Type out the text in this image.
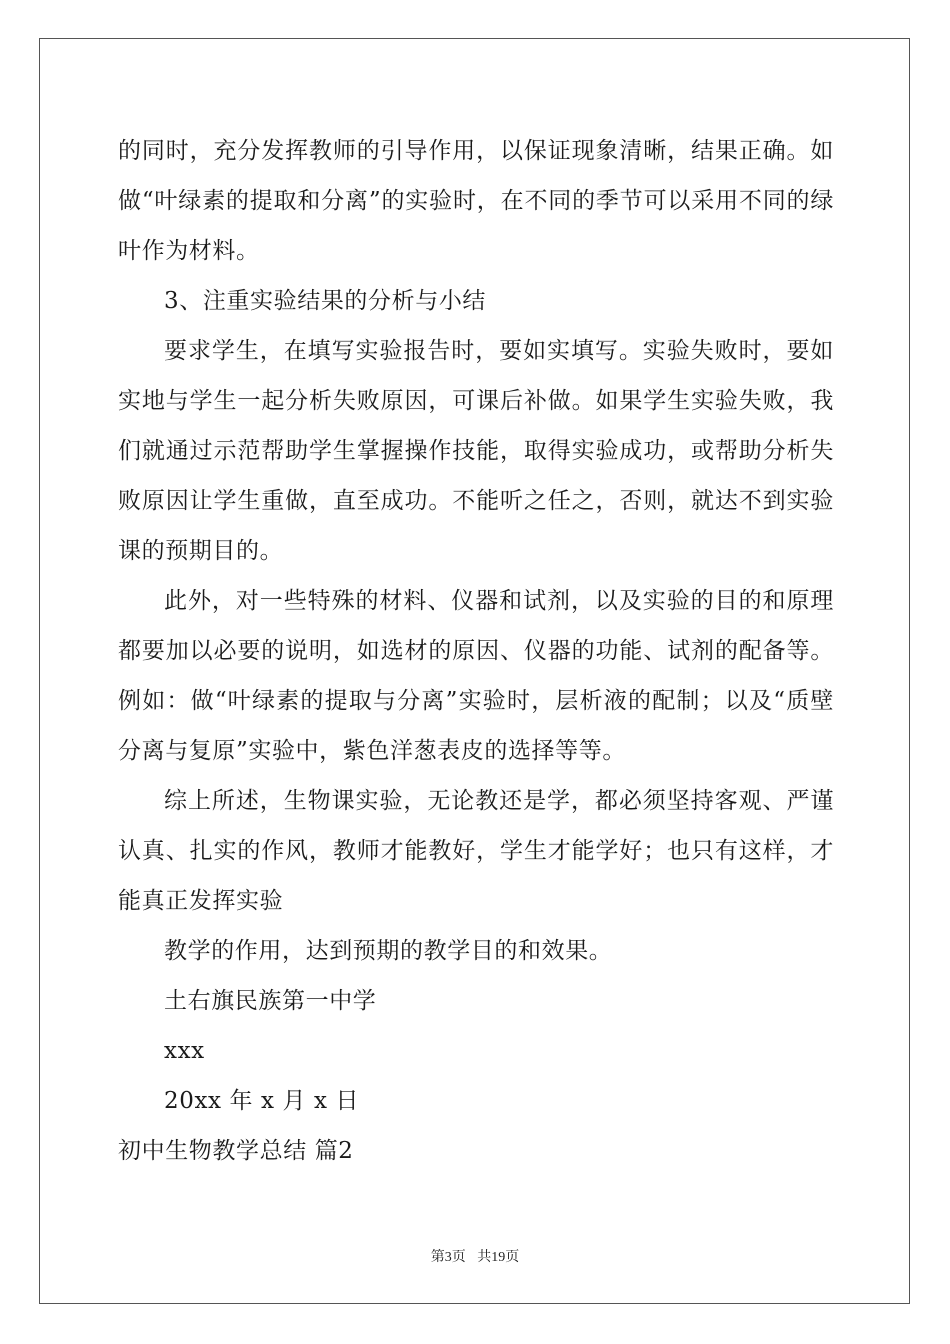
的同时，充分发挥教师的引导作用，以保证现象清晰，结果正确。如做“叶绿素的提取和分离”的实验时，在不同的季节可以采用不同的绿叶作为材料。

3、注重实验结果的分析与小结

要求学生，在填写实验报告时，要如实填写。实验失败时，要如实地与学生一起分析失败原因，可课后补做。如果学生实验失败，我们就通过示范帮助学生掌握操作技能，取得实验成功，或帮助分析失败原因让学生重做，直至成功。不能听之任之，否则，就达不到实验课的预期目的。

此外，对一些特殊的材料、仪器和试剂，以及实验的目的和原理都要加以必要的说明，如选材的原因、仪器的功能、试剂的配备等。例如：做“叶绿素的提取与分离”实验时，层析液的配制；以及“质壁分离与复原”实验中，紫色洋葱表皮的选择等等。

综上所述，生物课实验，无论教还是学，都必须坚持客观、严谨认真、扎实的作风，教师才能教好，学生才能学好；也只有这样，才能真正发挥实验

教学的作用，达到预期的教学目的和效果。

土右旗民族第一中学

xxx

20xx 年 x 月 x 日

初中生物教学总结 篇2

第3页 共19页
